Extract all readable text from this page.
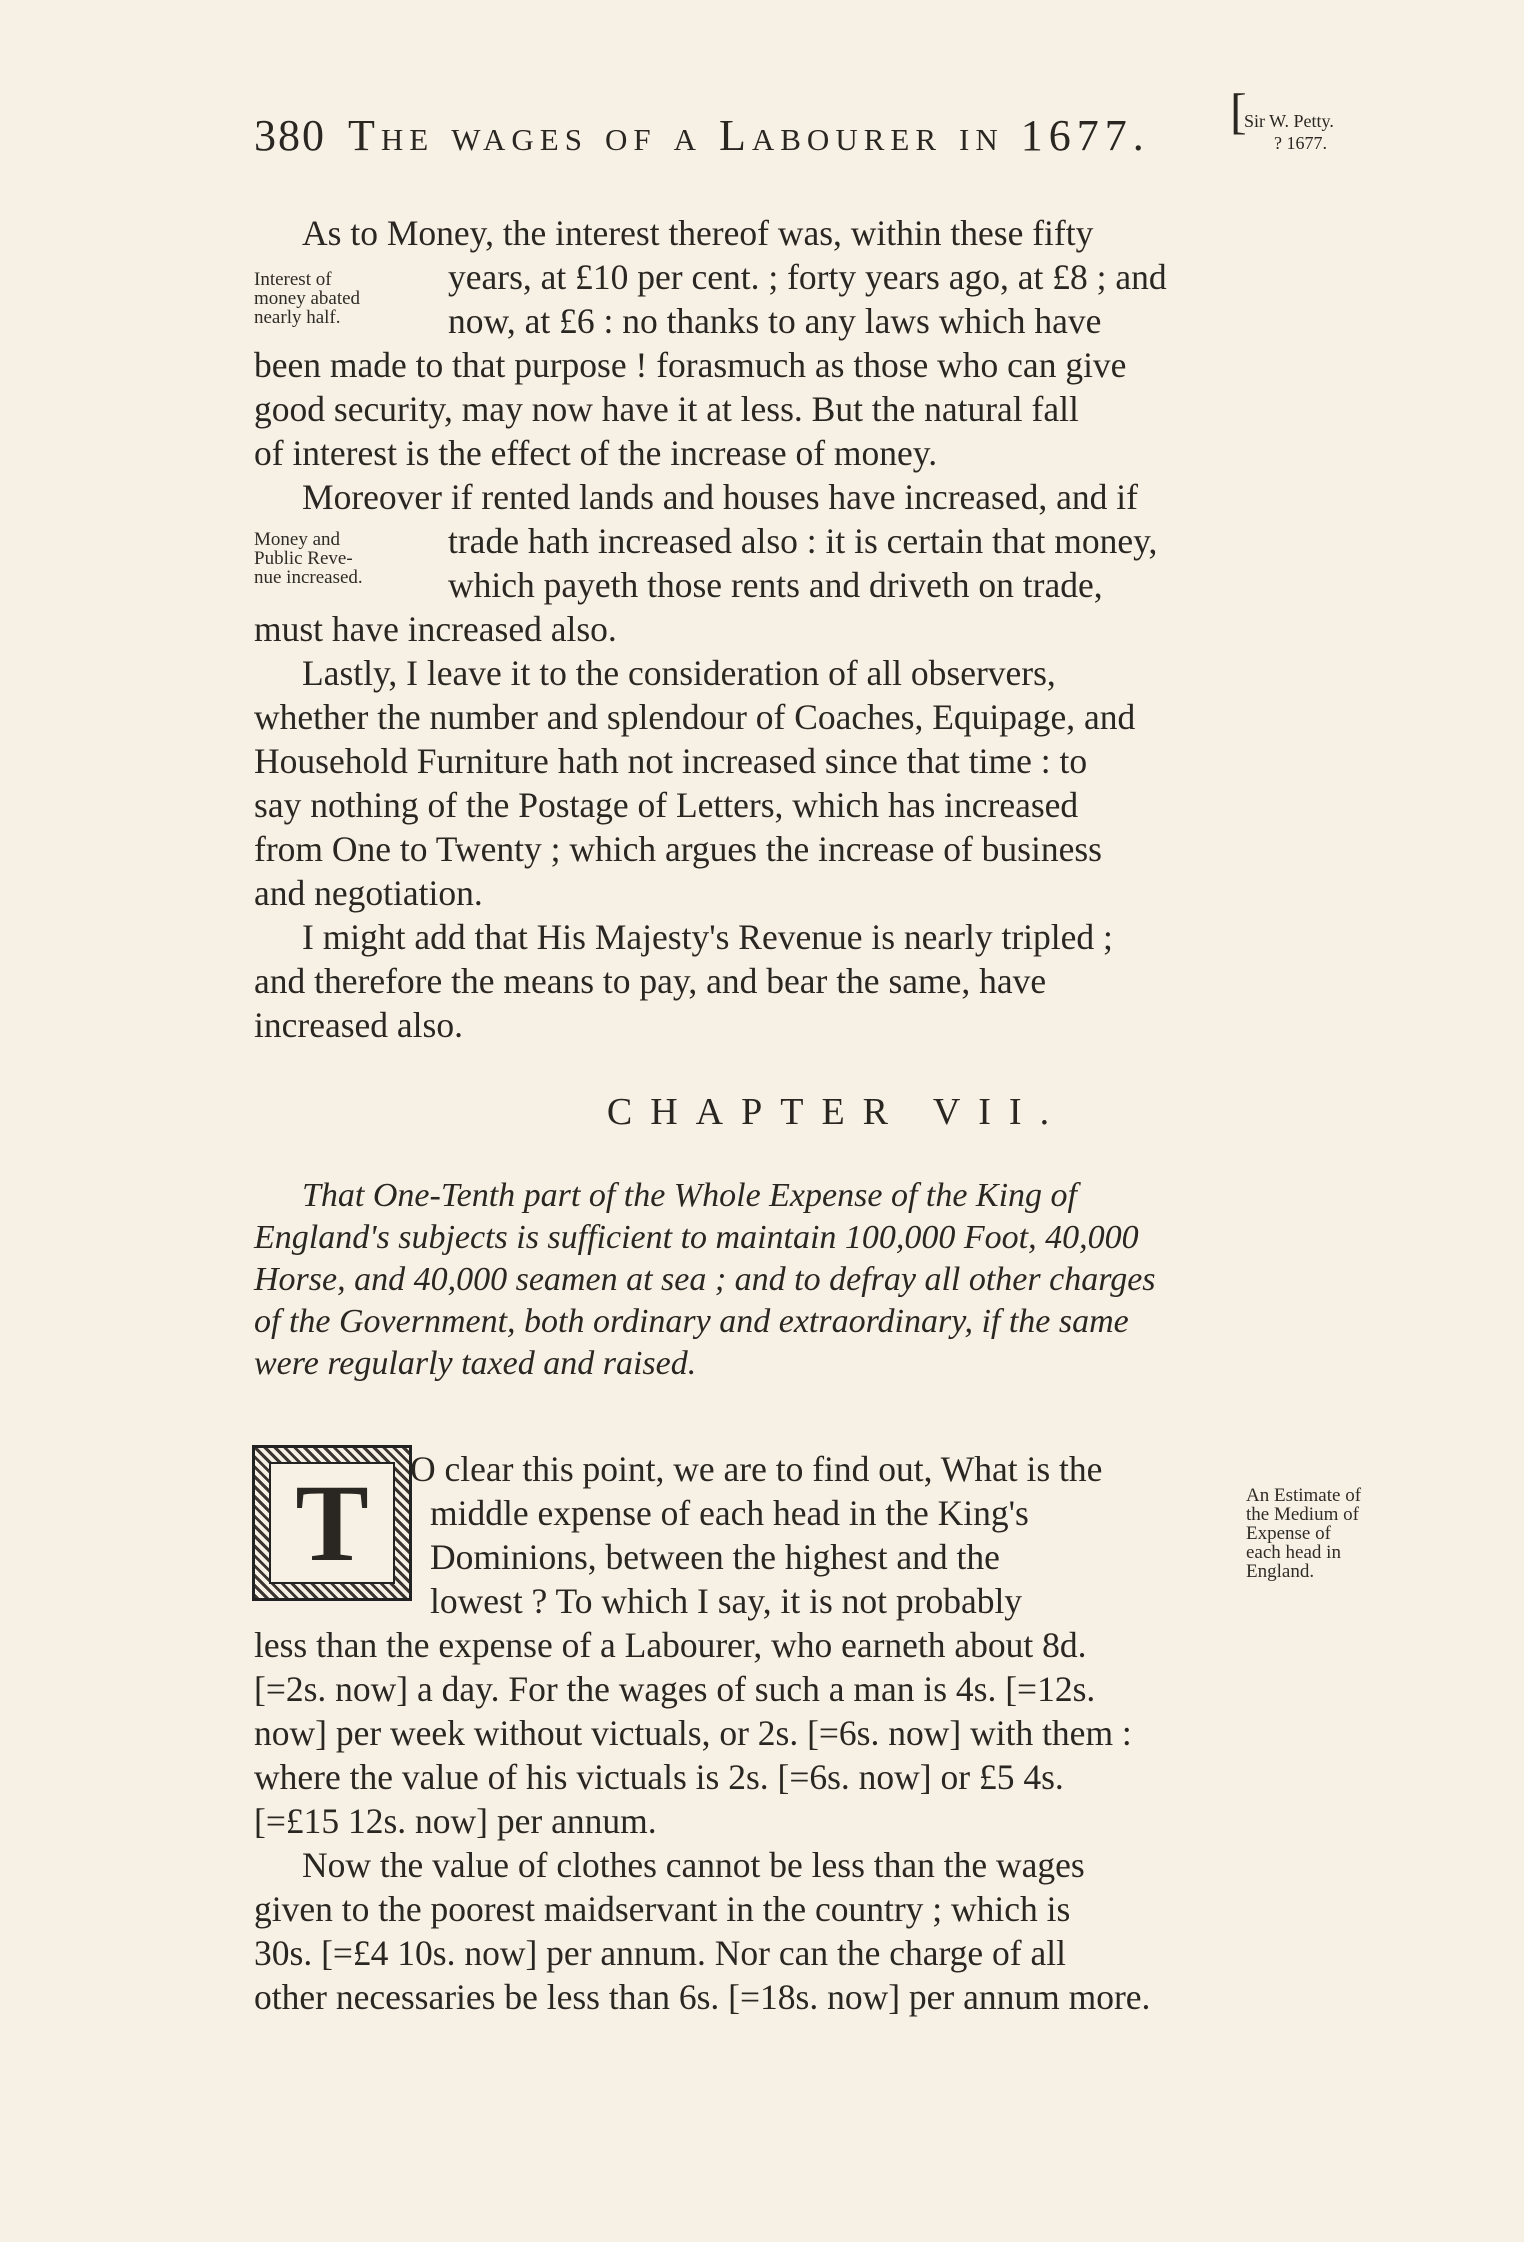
380 The wages of a Labourer in 1677. [
Sir W. Petty.
? 1677.
Interest of
money abated
nearly half.
Money and
Public Reve-
nue increased.
An Estimate of
the Medium of
Expense of
each head in
England.
As to Money, the interest thereof was, within these fifty
years, at £10 per cent. ; forty years ago, at £8 ; and
now, at £6 : no thanks to any laws which have
been made to that purpose ! forasmuch as those who can give
good security, may now have it at less. But the natural fall
of interest is the effect of the increase of money.
Moreover if rented lands and houses have increased, and if
trade hath increased also : it is certain that money,
which payeth those rents and driveth on trade,
must have increased also.
Lastly, I leave it to the consideration of all observers,
whether the number and splendour of Coaches, Equipage, and
Household Furniture hath not increased since that time : to
say nothing of the Postage of Letters, which has increased
from One to Twenty ; which argues the increase of business
and negotiation.
I might add that His Majesty's Revenue is nearly tripled ;
and therefore the means to pay, and bear the same, have
increased also.
CHAPTER VII.
That One-Tenth part of the Whole Expense of the King of
England's subjects is sufficient to maintain 100,000 Foot, 40,000
Horse, and 40,000 seamen at sea ; and to defray all other charges
of the Government, both ordinary and extraordinary, if the same
were regularly taxed and raised.
T	O clear this point, we are to find out, What is the
middle expense of each head in the King's
Dominions, between the highest and the
lowest ? To which I say, it is not probably
less than the expense of a Labourer, who earneth about 8d.
[=2s. now] a day. For the wages of such a man is 4s. [=12s.
now] per week without victuals, or 2s. [=6s. now] with them :
where the value of his victuals is 2s. [=6s. now] or £5 4s.
[=£15 12s. now] per annum.
Now the value of clothes cannot be less than the wages
given to the poorest maidservant in the country ; which is
30s. [=£4 10s. now] per annum. Nor can the charge of all
other necessaries be less than 6s. [=18s. now] per annum more.
